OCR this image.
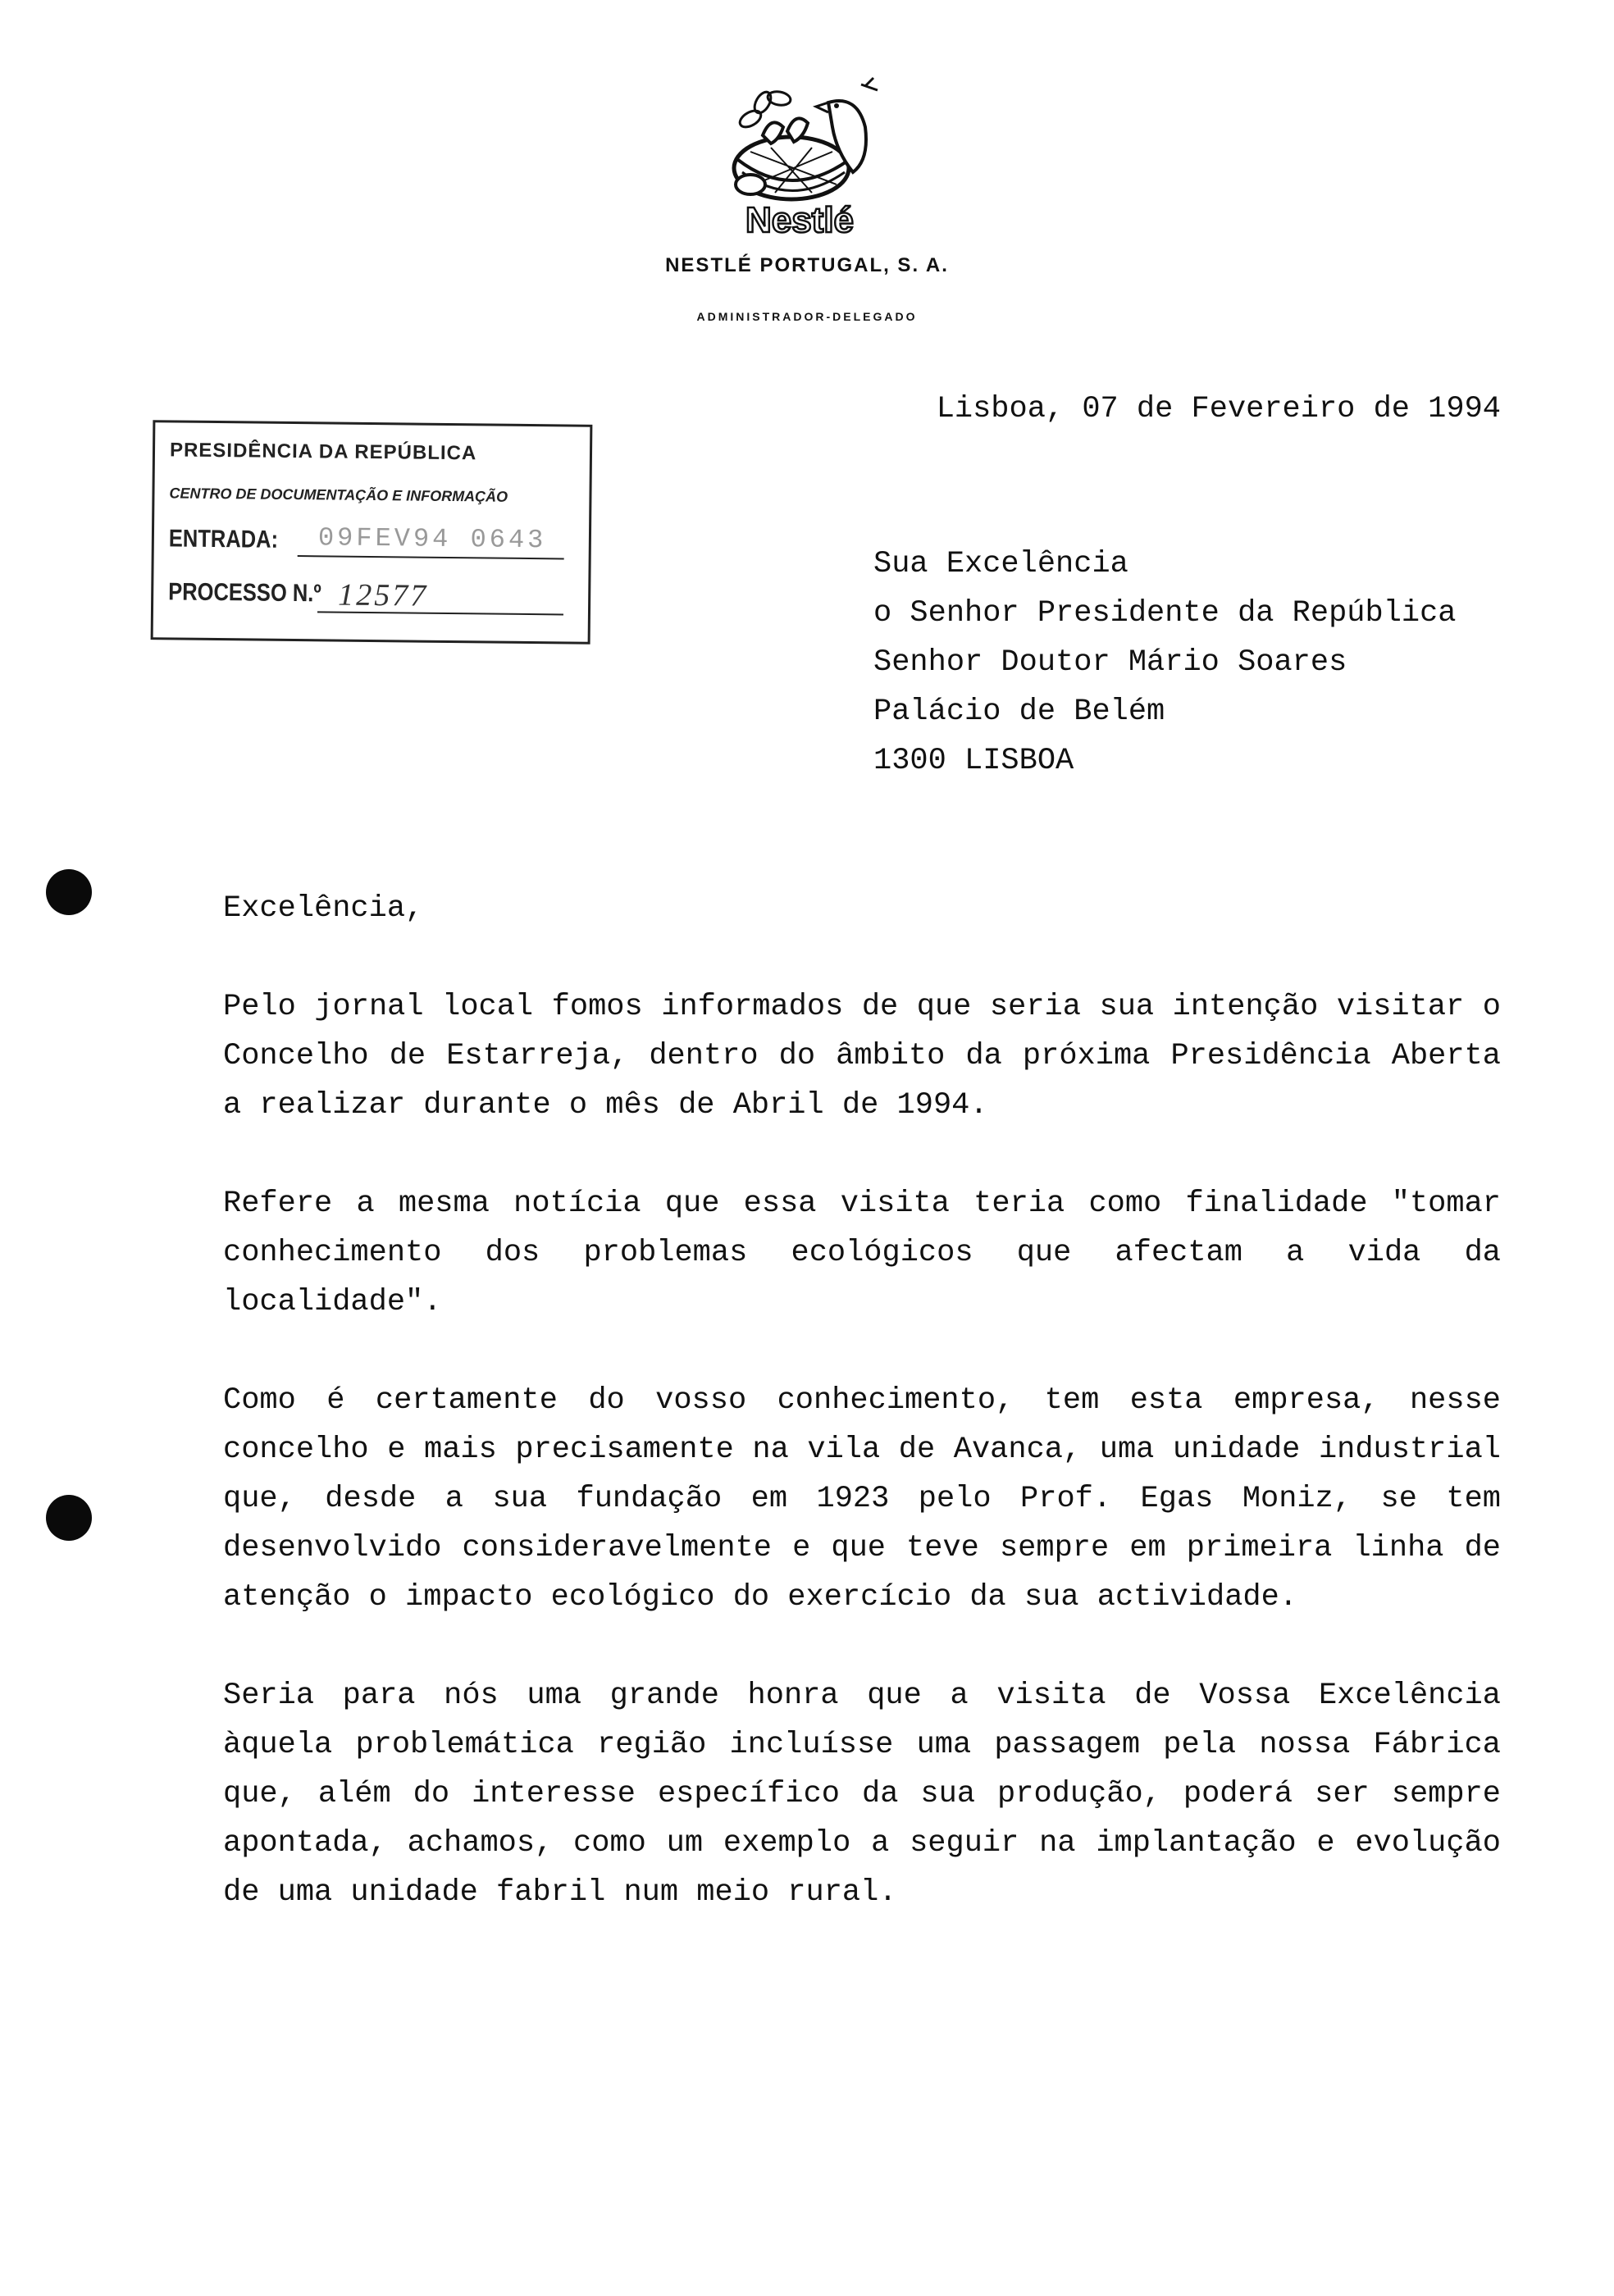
Nestlé
NESTLÉ PORTUGAL, S. A.
ADMINISTRADOR-DELEGADO
Lisboa, 07 de Fevereiro de 1994
PRESIDÊNCIA DA REPÚBLICA
CENTRO DE DOCUMENTAÇÃO E INFORMAÇÃO
ENTRADA: 09FEV94 0643
PROCESSO N.º 12577
Sua Excelência
o Senhor Presidente da República
Senhor Doutor Mário Soares
Palácio de Belém
1300 LISBOA

Excelência,

Pelo jornal local fomos informados de que seria sua intenção visitar o Concelho de Estarreja, dentro do âmbito da próxima Presidência Aberta a realizar durante o mês de Abril de 1994.

Refere a mesma notícia que essa visita teria como finalidade "tomar conhecimento dos problemas ecológicos que afectam a vida da localidade".

Como é certamente do vosso conhecimento, tem esta empresa, nesse concelho e mais precisamente na vila de Avanca, uma unidade industrial que, desde a sua fundação em 1923 pelo Prof. Egas Moniz, se tem desenvolvido consideravelmente e que teve sempre em primeira linha de atenção o impacto ecológico do exercício da sua actividade.

Seria para nós uma grande honra que a visita de Vossa Excelência àquela problemática região incluísse uma passagem pela nossa Fábrica que, além do interesse específico da sua produção, poderá ser sempre apontada, achamos, como um exemplo a seguir na implantação e evolução de uma unidade fabril num meio rural.
